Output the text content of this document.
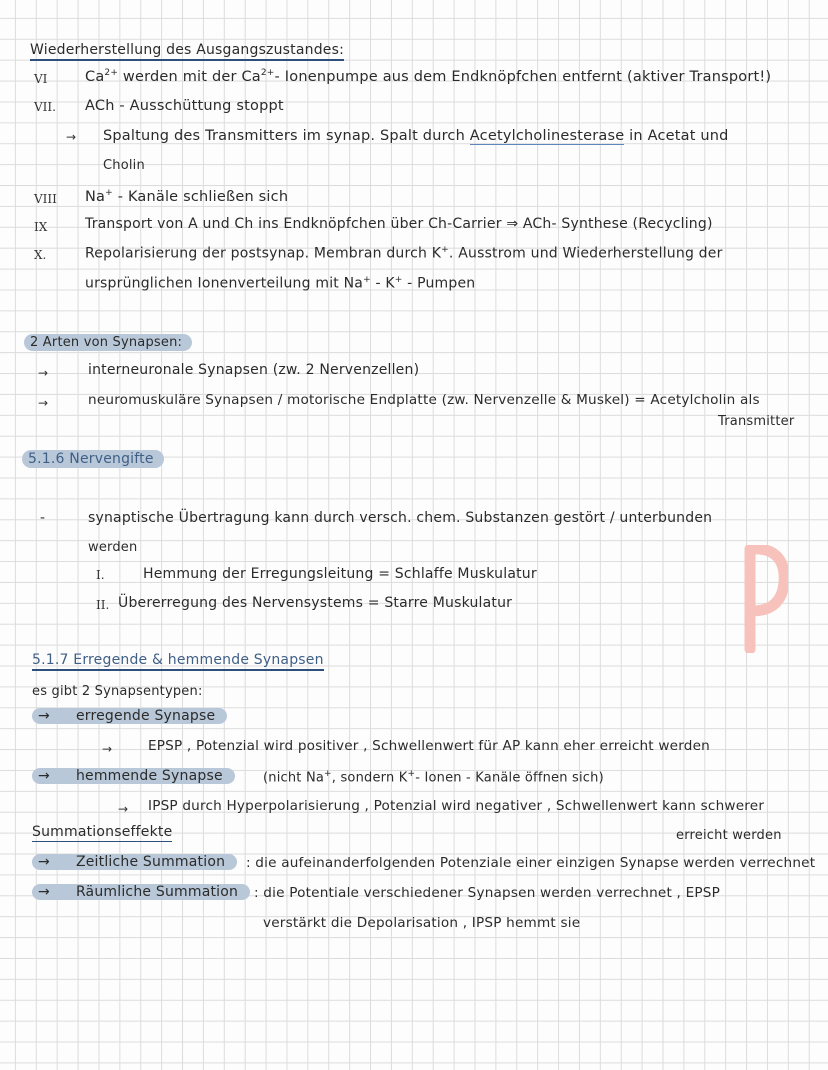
Wiederherstellung des Ausgangszustandes:
VI	$Ca^{2+}$ werden mit der $Ca^{2+}-$ Ionenpumpe aus dem Endknöpfchen entfernt (aktiver Transport!)
VII. ACh - Ausschüttung stoppt
→ Spaltung des Transmitters im synap. Spalt durch Acetylcholinesterase in Acetat und
Cholin
VIII Na+ - Kanäle schließen sich
IX	Transport von A und Ch ins Endknöpfchen über Ch-Carrier ⇒ ACh- Synthese (Recycling)
X.	Repolarisierung der postsynap. Membran durch K+. Ausstrom und Wiederherstellung der
ursprünglichen Ionenverteilung mit Na+ - K+ - Pumpen
2 Arten von Synapsen:
→	interneuronale Synapsen (zw. 2 Nervenzellen)
→	neuromuskuläre Synapsen / motorische Endplatte (zw. Nervenzelle & Muskel) = Acetylcholin als
Transmitter
5.1.6 Nervengifte
-	synaptische Übertragung kann durch versch. chem. Substanzen gestört / unterbunden
werden
I.	Hemmung der Erregungsleitung = Schlaffe Muskulatur
II. Übererregung des Nervensystems = Starre Muskulatur
5.1.7 Erregende & hemmende Synapsen
es gibt 2 Synapsentypen:
→ erregende Synapse
→	EPSP , Potenzial wird positiver , Schwellenwert für AP kann eher erreicht werden
→ hemmende Synapse	(nicht Na+, sondern K+- Ionen - Kanäle öffnen sich)
→ IPSP durch Hyperpolarisierung , Potenzial wird negativer , Schwellenwert kann schwerer
erreicht werden
Summationseffekte
→ Zeitliche Summation	: die aufeinanderfolgenden Potenziale einer einzigen Synapse werden verrechnet
→ Räumliche Summation	: die Potentiale verschiedener Synapsen werden verrechnet , EPSP
verstärkt die Depolarisation , IPSP hemmt sie
